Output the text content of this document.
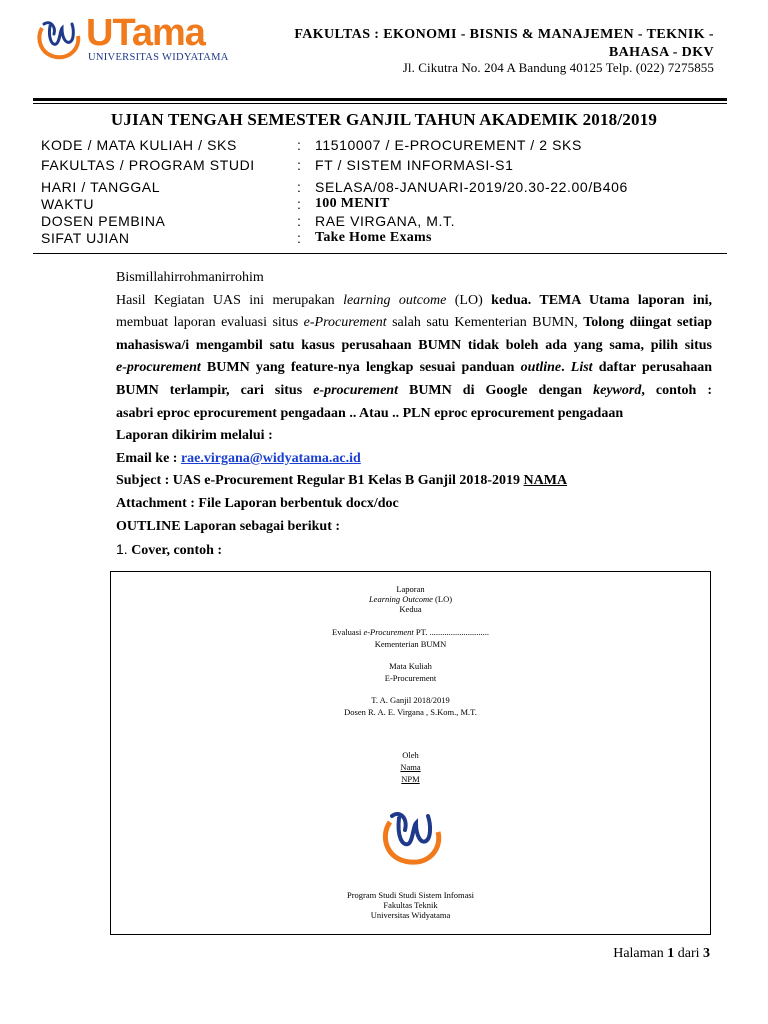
UTama
UNIVERSITAS WIDYATAMA
FAKULTAS : EKONOMI - BISNIS & MANAJEMEN - TEKNIK -
BAHASA - DKV
Jl. Cikutra No. 204 A Bandung 40125 Telp. (022) 7275855
UJIAN TENGAH SEMESTER GANJIL TAHUN AKADEMIK 2018/2019
KODE / MATA KULIAH / SKS	: 11510007 / E-PROCUREMENT / 2 SKS
FAKULTAS / PROGRAM STUDI	: FT / SISTEM INFORMASI-S1
HARI / TANGGAL	: SELASA/08-JANUARI-2019/20.30-22.00/B406
WAKTU	: 100 MENIT
DOSEN PEMBINA	: RAE VIRGANA, M.T.
SIFAT UJIAN	: Take Home Exams

Bismillahirrohmanirrohim

Hasil Kegiatan UAS ini merupakan learning outcome (LO) kedua. TEMA Utama laporan ini,

membuat laporan evaluasi situs e-Procurement salah satu Kementerian BUMN, Tolong diingat setiap

mahasiswa/i mengambil satu kasus perusahaan BUMN tidak boleh ada yang sama, pilih situs

e-procurement BUMN yang feature-nya lengkap sesuai panduan outline. List daftar perusahaan

BUMN terlampir, cari situs e-procurement BUMN di Google dengan keyword, contoh :

asabri eproc eprocurement pengadaan .. Atau .. PLN eproc eprocurement pengadaan

Laporan dikirim melalui :

Email ke : rae.virgana@widyatama.ac.id

Subject : UAS e-Procurement Regular B1 Kelas B Ganjil 2018-2019 NAMA

Attachment : File Laporan berbentuk docx/doc

OUTLINE Laporan sebagai berikut :

1. Cover, contoh :

Laporan
Learning Outcome (LO)
Kedua
Evaluasi e-Procurement PT. ............................
Kementerian BUMN
Mata Kuliah
E-Procurement
T. A. Ganjil 2018/2019
Dosen R. A. E. Virgana , S.Kom., M.T.
Oleh
Nama
NPM
Program Studi Studi Sistem Infomasi
Fakultas Teknik
Universitas Widyatama
Halaman 1 dari 3
